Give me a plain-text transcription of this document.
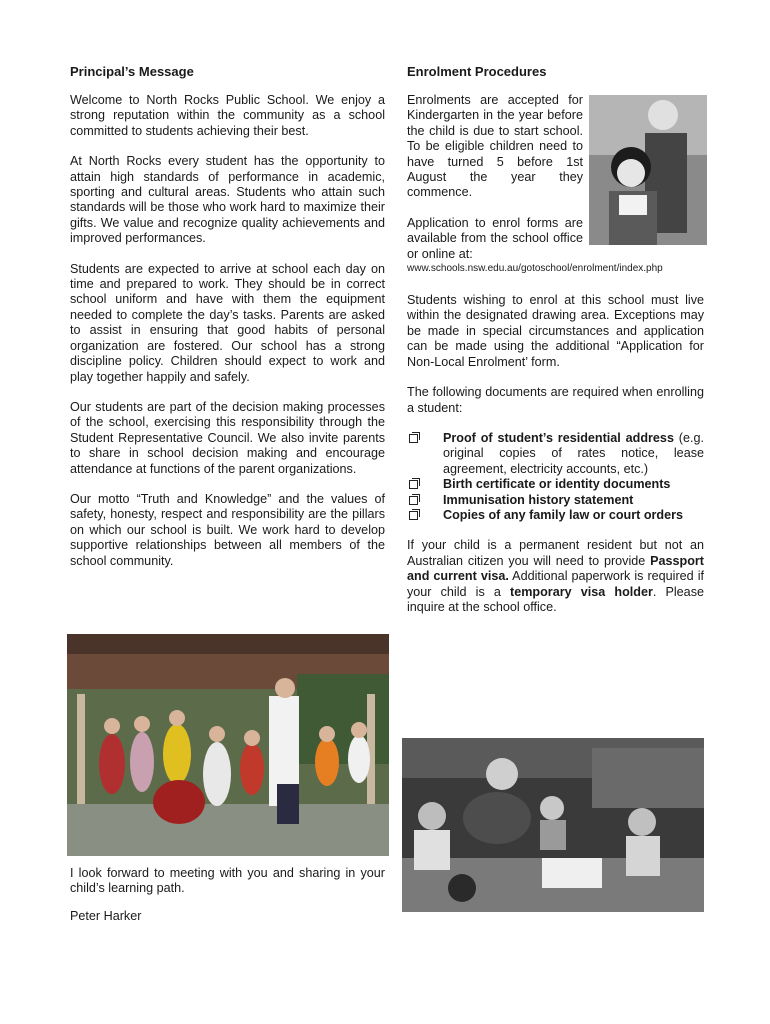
Principal’s Message

Welcome to North Rocks Public School. We enjoy a strong reputation within the community as a school committed to students achieving their best.

At North Rocks every student has the opportunity to attain high standards of performance in academic, sporting and cultural areas. Students who attain such standards will be those who work hard to maximize their gifts. We value and recognize quality achievements and improved performances.

Students are expected to arrive at school each day on time and prepared to work. They should be in correct school uniform and have with them the equipment needed to complete the day’s tasks. Parents are asked to assist in ensuring that good habits of personal organization are fostered. Our school has a strong discipline policy. Children should expect to work and play together happily and safely.

Our students are part of the decision making processes of the school, exercising this responsibility through the Student Representative Council. We also invite parents to share in school decision making and encourage attendance at functions of the parent organizations.

Our motto “Truth and Knowledge” and the values of safety, honesty, respect and responsibility are the pillars on which our school is built. We work hard to develop supportive relationships between all members of the school community.

I look forward to meeting with you and sharing in your child’s learning path.

Peter Harker

Enrolment Procedures

Enrolments are accepted for Kindergarten in the year before the child is due to start school. To be eligible children need to have turned 5 before 1st August the year they commence.

Application to enrol forms are available from the school office or online at:

www.schools.nsw.edu.au/gotoschool/enrolment/index.php

Students wishing to enrol at this school must live within the designated drawing area. Exceptions may be made in special circumstances and application can be made using the additional “Application for Non-Local Enrolment’ form.

The following documents are required when enrolling a student:

Proof of student’s residential address (e.g. original copies of rates notice, lease agreement, electricity accounts, etc.)
Birth certificate or identity documents
Immunisation history statement
Copies of any family law or court orders

If your child is a permanent resident but not an Australian citizen you will need to provide Passport and current visa. Additional paperwork is required if your child is a temporary visa holder. Please inquire at the school office.
